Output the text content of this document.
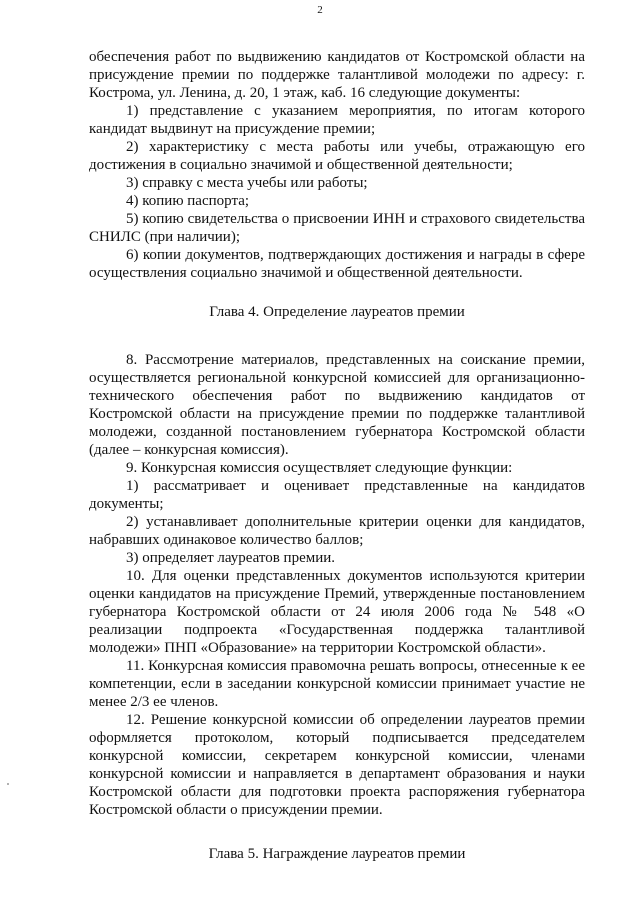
2

обеспечения работ по выдвижению кандидатов от Костромской области на присуждение премии по поддержке талантливой молодежи по адресу: г. Кострома, ул. Ленина, д. 20, 1 этаж, каб. 16 следующие документы:

1) представление с указанием мероприятия, по итогам которого кандидат выдвинут на присуждение премии;

2) характеристику с места работы или учебы, отражающую его достижения в социально значимой и общественной деятельности;

3) справку с места учебы или работы;

4) копию паспорта;

5) копию свидетельства о присвоении ИНН и страхового свидетельства СНИЛС (при наличии);

6) копии документов, подтверждающих достижения и награды в сфере осуществления социально значимой и общественной деятельности.

Глава 4. Определение лауреатов премии

8. Рассмотрение материалов, представленных на соискание премии, осуществляется региональной конкурсной комиссией для организационно-технического обеспечения работ по выдвижению кандидатов от Костромской области на присуждение премии по поддержке талантливой молодежи, созданной постановлением губернатора Костромской области (далее – конкурсная комиссия).

9. Конкурсная комиссия осуществляет следующие функции:

1) рассматривает и оценивает представленные на кандидатов документы;

2) устанавливает дополнительные критерии оценки для кандидатов, набравших одинаковое количество баллов;

3) определяет лауреатов премии.

10. Для оценки представленных документов используются критерии оценки кандидатов на присуждение Премий, утвержденные постановлением губернатора Костромской области от 24 июля 2006 года № 548 «О реализации подпроекта «Государственная поддержка талантливой молодежи» ПНП «Образование» на территории Костромской области».

11. Конкурсная комиссия правомочна решать вопросы, отнесенные к ее компетенции, если в заседании конкурсной комиссии принимает участие не менее 2/3 ее членов.

12. Решение конкурсной комиссии об определении лауреатов премии оформляется протоколом, который подписывается председателем конкурсной комиссии, секретарем конкурсной комиссии, членами конкурсной комиссии и направляется в департамент образования и науки Костромской области для подготовки проекта распоряжения губернатора Костромской области о присуждении премии.

Глава 5. Награждение лауреатов премии
